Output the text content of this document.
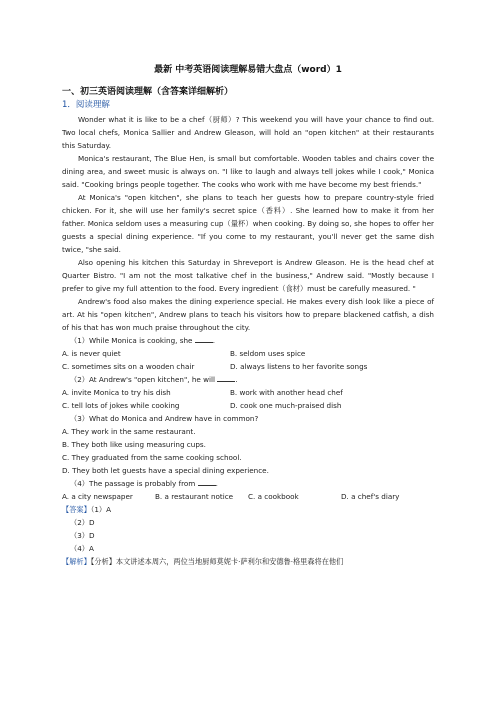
最新 中考英语阅读理解易错大盘点（word）1
一、初三英语阅读理解（含答案详细解析）
1．阅读理解

Wonder what it is like to be a chef（厨师）? This weekend you will have your chance to find out. Two local chefs, Monica Sallier and Andrew Gleason, will hold an "open kitchen" at their restaurants this Saturday.

Monica's restaurant, The Blue Hen, is small but comfortable. Wooden tables and chairs cover the dining area, and sweet music is always on. "I like to laugh and always tell jokes while I cook," Monica said. "Cooking brings people together. The cooks who work with me have become my best friends."

At Monica's "open kitchen", she plans to teach her guests how to prepare country-style fried chicken. For it, she will use her family's secret spice（香料）. She learned how to make it from her father. Monica seldom uses a measuring cup（量杯）when cooking. By doing so, she hopes to offer her guests a special dining experience. "If you come to my restaurant, you'll never get the same dish twice, "she said.

Also opening his kitchen this Saturday in Shreveport is Andrew Gleason. He is the head chef at Quarter Bistro. "I am not the most talkative chef in the business," Andrew said. "Mostly because I prefer to give my full attention to the food. Every ingredient（食材）must be carefully measured. "

Andrew's food also makes the dining experience special. He makes every dish look like a piece of art. At his "open kitchen", Andrew plans to teach his visitors how to prepare blackened catfish, a dish of his that has won much praise throughout the city.

（1）While Monica is cooking, she	.
A. is never quiet	B. seldom uses spice
C. sometimes sits on a wooden chair	D. always listens to her favorite songs
（2）At Andrew's "open kitchen", he will	.
A. invite Monica to try his dish	B. work with another head chef
C. tell lots of jokes while cooking	D. cook one much-praised dish
（3）What do Monica and Andrew have in common?
A. They work in the same restaurant.
B. They both like using measuring cups.
C. They graduated from the same cooking school.
D. They both let guests have a special dining experience.
（4）The passage is probably from	.
A. a city newspaper	B. a restaurant notice	C. a cookbook	D. a chef's diary
【答案】（1）A
（2）D
（3）D
（4）A
【解析】【分析】本文讲述本周六，两位当地厨师莫妮卡·萨利尔和安德鲁·格里森将在他们
